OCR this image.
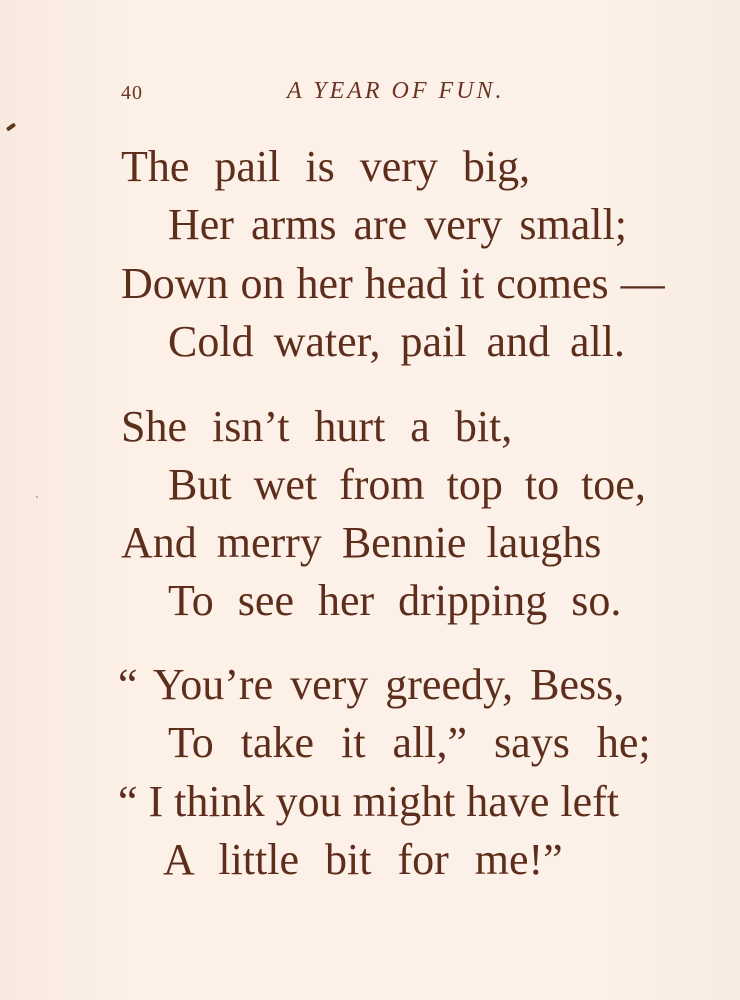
40	A YEAR OF FUN.
The pail is very big,
Her arms are very small;
Down on her head it comes —
Cold water, pail and all.
She isn’t hurt a bit,
But wet from top to toe,
And merry Bennie laughs
To see her dripping so.
“ You’re very greedy, Bess,
To take it all,” says he;
“ I think you might have left
A little bit for me!”
